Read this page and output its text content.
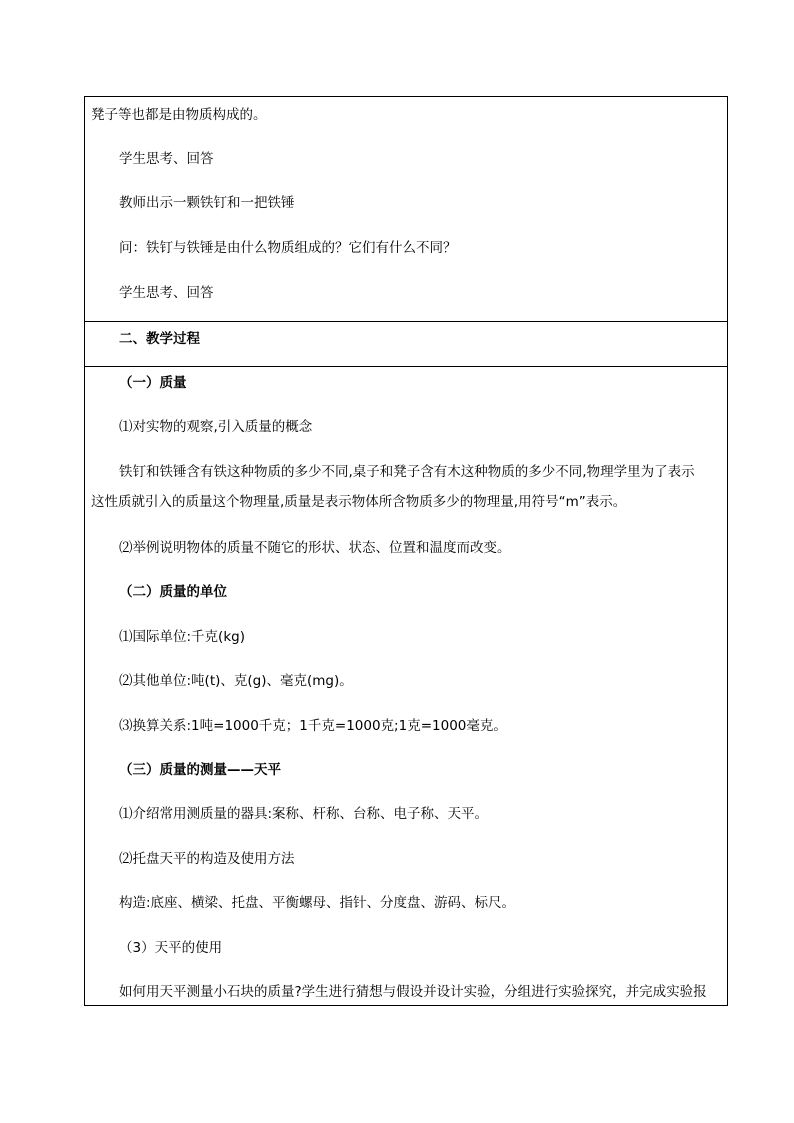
凳子等也都是由物质构成的。
学生思考、回答
教师出示一颗铁钉和一把铁锤
问：铁钉与铁锤是由什么物质组成的？它们有什么不同？
学生思考、回答
二、教学过程
（一）质量
⑴对实物的观察,引入质量的概念
铁钉和铁锤含有铁这种物质的多少不同,桌子和凳子含有木这种物质的多少不同,物理学里为了表示
这性质就引入的质量这个物理量,质量是表示物体所含物质多少的物理量,用符号“m”表示。
⑵举例说明物体的质量不随它的形状、状态、位置和温度而改变。
（二）质量的单位
⑴国际单位:千克(kg)
⑵其他单位:吨(t)、克(g)、毫克(mg)。
⑶换算关系:1吨=1000千克；1千克=1000克;1克=1000毫克。
（三）质量的测量——天平
⑴介绍常用测质量的器具:案称、杆称、台称、电子称、天平。
⑵托盘天平的构造及使用方法
构造:底座、横梁、托盘、平衡螺母、指针、分度盘、游码、标尺。
（3）天平的使用
如何用天平测量小石块的质量?学生进行猜想与假设并设计实验，分组进行实验探究，并完成实验报
